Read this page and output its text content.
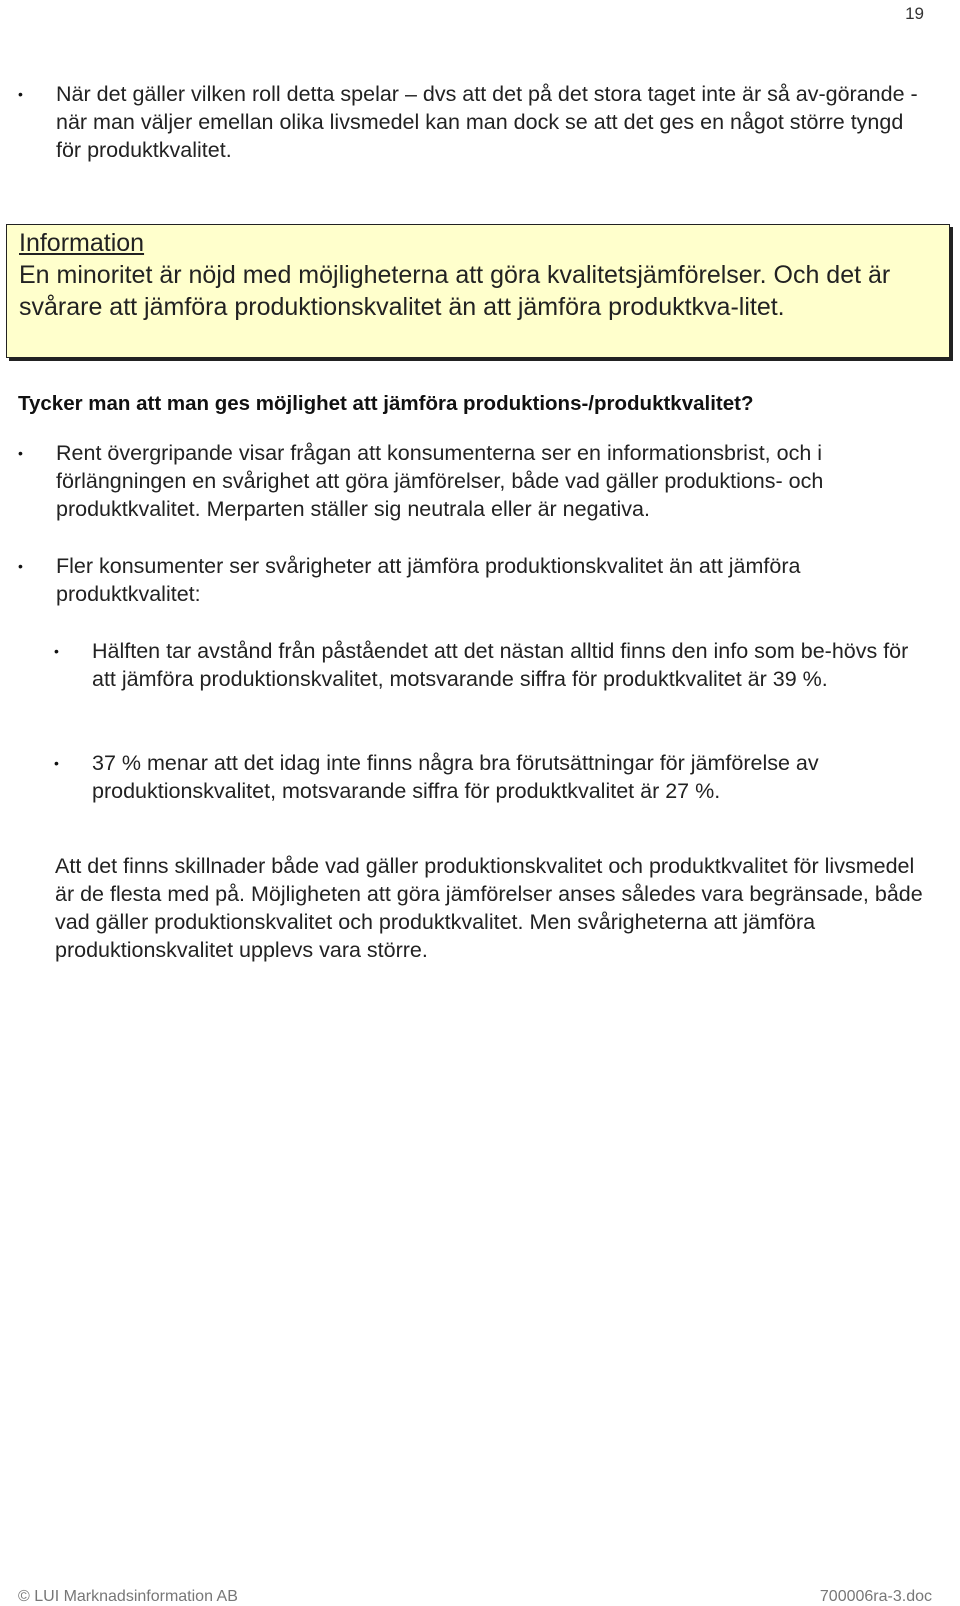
19
•	När det gäller vilken roll detta spelar – dvs att det på det stora taget inte är så av-görande - när man väljer emellan olika livsmedel kan man dock se att det ges en något större tyngd för produktkvalitet.
Information
En minoritet är nöjd med möjligheterna att göra kvalitetsjämförelser. Och det är svårare att jämföra produktionskvalitet än att jämföra produktkva-litet.
Tycker man att man ges möjlighet att jämföra produktions-/produktkvalitet?
•	Rent övergripande visar frågan att konsumenterna ser en informationsbrist, och i förlängningen en svårighet att göra jämförelser, både vad gäller produktions- och produktkvalitet. Merparten ställer sig neutrala eller är negativa.
•	Fler konsumenter ser svårigheter att jämföra produktionskvalitet än att jämföra produktkvalitet:
•	Hälften tar avstånd från påståendet att det nästan alltid finns den info som be-hövs för att jämföra produktionskvalitet, motsvarande siffra för produktkvalitet är 39 %.
•	37 % menar att det idag inte finns några bra förutsättningar för jämförelse av produktionskvalitet, motsvarande siffra för produktkvalitet är 27 %.
Att det finns skillnader både vad gäller produktionskvalitet och produktkvalitet för livsmedel är de flesta med på. Möjligheten att göra jämförelser anses således vara begränsade, både vad gäller produktionskvalitet och produktkvalitet. Men svårigheterna att jämföra produktionskvalitet upplevs vara större.
© LUI Marknadsinformation AB	700006ra-3.doc
